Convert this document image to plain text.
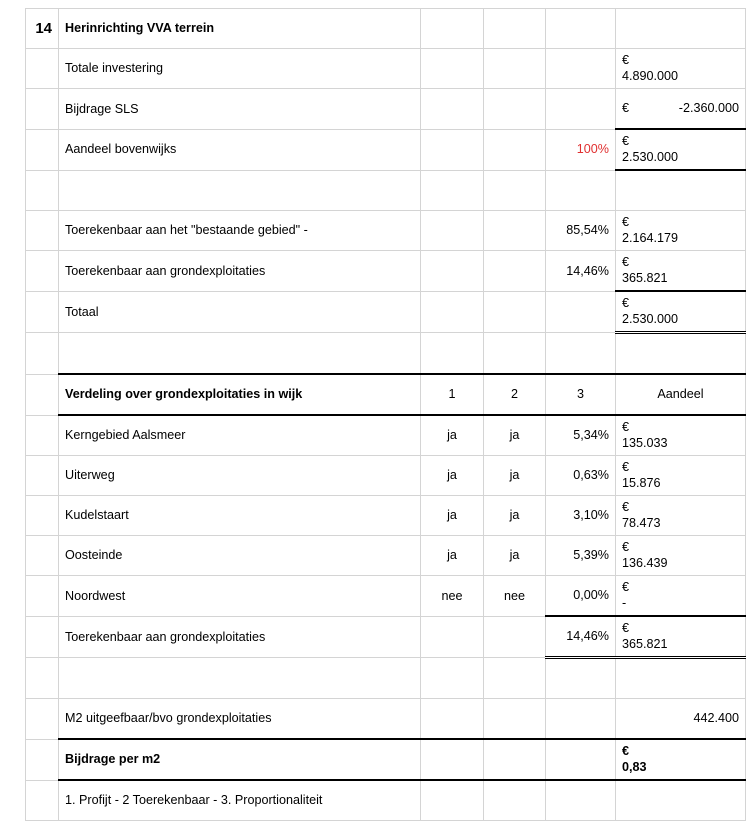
14	Herinrichting VVA terrein				
	Totale investering				€
4.890.000

	Bijdrage SLS				€ -2.360.000

	Aandeel bovenwijks			100%	€
2.530.000

	Toerekenbaar aan het "bestaande gebied" -			85,54%	€
2.164.179

	Toerekenbaar aan grondexploitaties			14,46%	€
365.821

	Totaal				€
2.530.000

	Verdeling over grondexploitaties in wijk	1	2	3	Aandeel
	Kerngebied Aalsmeer	ja	ja	5,34%	€
135.033

	Uiterweg	ja	ja	0,63%	€
15.876

	Kudelstaart	ja	ja	3,10%	€
78.473

	Oosteinde	ja	ja	5,39%	€
136.439

	Noordwest	nee	nee	0,00%	€
-

	Toerekenbaar aan grondexploitaties			14,46%	€
365.821

	M2 uitgeefbaar/bvo grondexploitaties				442.400
	Bijdrage per m2				€
0,83

	1. Profijt - 2 Toerekenbaar - 3. Proportionaliteit				
